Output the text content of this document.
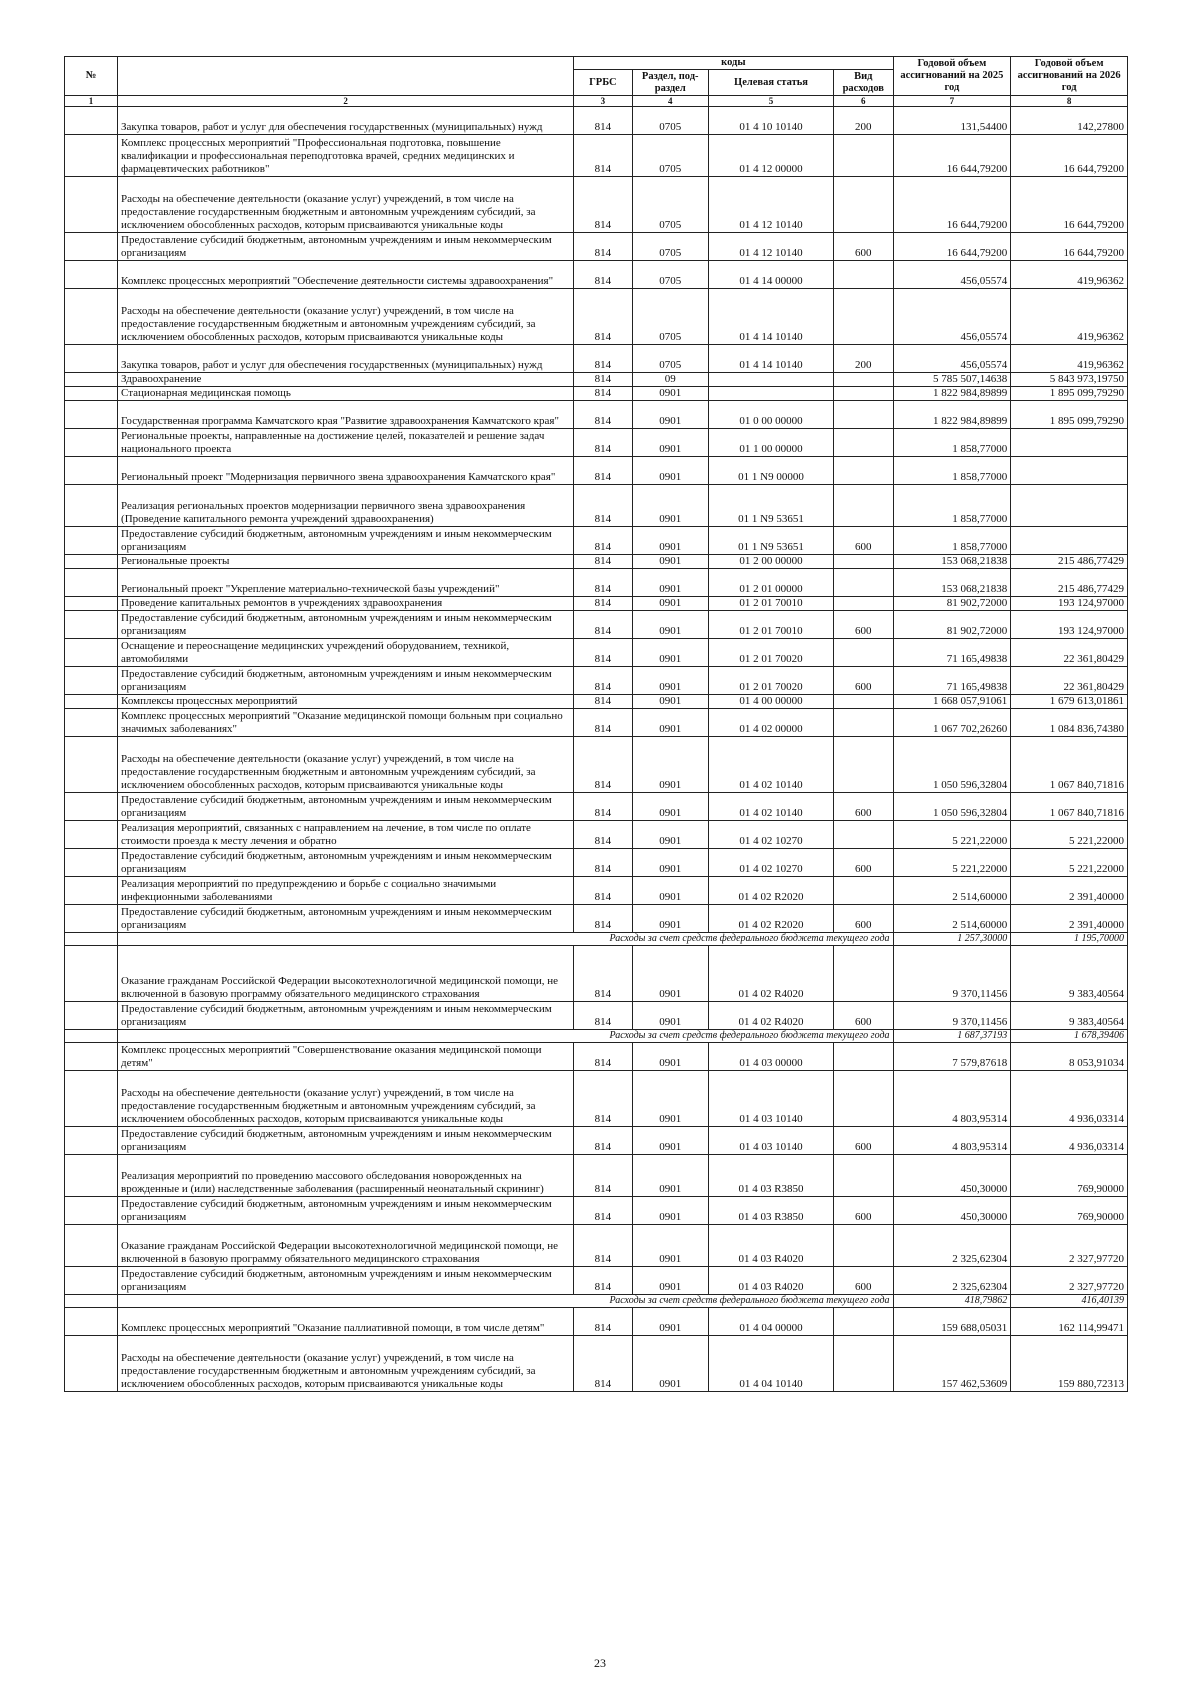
№		коды				Годовой объем ассигнований на 2025 год	Годовой объем ассигнований на 2026 год
		ГРБС	Раздел, под-раздел	Целевая статья	Вид расходов		
1	2	3	4	5	6	7	8
	Закупка товаров, работ и услуг для обеспечения государственных (муниципальных) нужд	814	0705	01 4 10 10140	200	131,54400	142,27800
	Комплекс процессных мероприятий "Профессиональная подготовка, повышение квалификации и профессиональная переподготовка врачей, средних медицинских и фармацевтических работников"	814	0705	01 4 12 00000		16 644,79200	16 644,79200
	Расходы на обеспечение деятельности (оказание услуг) учреждений, в том числе на предоставление государственным бюджетным и автономным учреждениям субсидий, за исключением обособленных расходов, которым присваиваются уникальные коды	814	0705	01 4 12 10140		16 644,79200	16 644,79200
	Предоставление субсидий бюджетным, автономным учреждениям и иным некоммерческим организациям	814	0705	01 4 12 10140	600	16 644,79200	16 644,79200
	Комплекс процессных мероприятий "Обеспечение деятельности системы здравоохранения"	814	0705	01 4 14 00000		456,05574	419,96362
	Расходы на обеспечение деятельности (оказание услуг) учреждений, в том числе на предоставление государственным бюджетным и автономным учреждениям субсидий, за исключением обособленных расходов, которым присваиваются уникальные коды	814	0705	01 4 14 10140		456,05574	419,96362
	Закупка товаров, работ и услуг для обеспечения государственных (муниципальных) нужд	814	0705	01 4 14 10140	200	456,05574	419,96362
	Здравоохранение	814	09			5 785 507,14638	5 843 973,19750
	Стационарная медицинская помощь	814	0901			1 822 984,89899	1 895 099,79290
	Государственная программа Камчатского края "Развитие здравоохранения Камчатского края"	814	0901	01 0 00 00000		1 822 984,89899	1 895 099,79290
	Региональные проекты, направленные на достижение целей, показателей и решение задач национального проекта	814	0901	01 1 00 00000		1 858,77000	
	Региональный проект "Модернизация первичного звена здравоохранения Камчатского края"	814	0901	01 1 N9 00000		1 858,77000	
	Реализация региональных проектов модернизации первичного звена здравоохранения (Проведение капитального ремонта учреждений здравоохранения)	814	0901	01 1 N9 53651		1 858,77000	
	Предоставление субсидий бюджетным, автономным учреждениям и иным некоммерческим организациям	814	0901	01 1 N9 53651	600	1 858,77000	
	Региональные проекты	814	0901	01 2 00 00000		153 068,21838	215 486,77429
	Региональный проект "Укрепление материально-технической базы учреждений"	814	0901	01 2 01 00000		153 068,21838	215 486,77429
	Проведение капитальных ремонтов в учреждениях здравоохранения	814	0901	01 2 01 70010		81 902,72000	193 124,97000
	Предоставление субсидий бюджетным, автономным учреждениям и иным некоммерческим организациям	814	0901	01 2 01 70010	600	81 902,72000	193 124,97000
	Оснащение и переоснащение медицинских учреждений оборудованием, техникой, автомобилями	814	0901	01 2 01 70020		71 165,49838	22 361,80429
	Предоставление субсидий бюджетным, автономным учреждениям и иным некоммерческим организациям	814	0901	01 2 01 70020	600	71 165,49838	22 361,80429
	Комплексы процессных мероприятий	814	0901	01 4 00 00000		1 668 057,91061	1 679 613,01861
	Комплекс процессных мероприятий "Оказание медицинской помощи больным при социально значимых заболеваниях"	814	0901	01 4 02 00000		1 067 702,26260	1 084 836,74380
	Расходы на обеспечение деятельности (оказание услуг) учреждений, в том числе на предоставление государственным бюджетным и автономным учреждениям субсидий, за исключением обособленных расходов, которым присваиваются уникальные коды	814	0901	01 4 02 10140		1 050 596,32804	1 067 840,71816
	Предоставление субсидий бюджетным, автономным учреждениям и иным некоммерческим организациям	814	0901	01 4 02 10140	600	1 050 596,32804	1 067 840,71816
	Реализация мероприятий, связанных с направлением на лечение, в том числе по оплате стоимости проезда к месту лечения и обратно	814	0901	01 4 02 10270		5 221,22000	5 221,22000
	Предоставление субсидий бюджетным, автономным учреждениям и иным некоммерческим организациям	814	0901	01 4 02 10270	600	5 221,22000	5 221,22000
	Реализация мероприятий по предупреждению и борьбе с социально значимыми инфекционными заболеваниями	814	0901	01 4 02 R2020		2 514,60000	2 391,40000
	Предоставление субсидий бюджетным, автономным учреждениям и иным некоммерческим организациям	814	0901	01 4 02 R2020	600	2 514,60000	2 391,40000
	Расходы за счет средств федерального бюджета текущего года					1 257,30000	1 195,70000
	Оказание гражданам Российской Федерации высокотехнологичной медицинской помощи, не включенной в базовую программу обязательного медицинского страхования	814	0901	01 4 02 R4020		9 370,11456	9 383,40564
	Предоставление субсидий бюджетным, автономным учреждениям и иным некоммерческим организациям	814	0901	01 4 02 R4020	600	9 370,11456	9 383,40564
	Расходы за счет средств федерального бюджета текущего года					1 687,37193	1 678,39406
	Комплекс процессных мероприятий "Совершенствование оказания медицинской помощи детям"	814	0901	01 4 03 00000		7 579,87618	8 053,91034
	Расходы на обеспечение деятельности (оказание услуг) учреждений, в том числе на предоставление государственным бюджетным и автономным учреждениям субсидий, за исключением обособленных расходов, которым присваиваются уникальные коды	814	0901	01 4 03 10140		4 803,95314	4 936,03314
	Предоставление субсидий бюджетным, автономным учреждениям и иным некоммерческим организациям	814	0901	01 4 03 10140	600	4 803,95314	4 936,03314
	Реализация мероприятий по проведению массового обследования новорожденных на врожденные и (или) наследственные заболевания (расширенный неонатальный скрининг)	814	0901	01 4 03 R3850		450,30000	769,90000
	Предоставление субсидий бюджетным, автономным учреждениям и иным некоммерческим организациям	814	0901	01 4 03 R3850	600	450,30000	769,90000
	Оказание гражданам Российской Федерации высокотехнологичной медицинской помощи, не включенной в базовую программу обязательного медицинского страхования	814	0901	01 4 03 R4020		2 325,62304	2 327,97720
	Предоставление субсидий бюджетным, автономным учреждениям и иным некоммерческим организациям	814	0901	01 4 03 R4020	600	2 325,62304	2 327,97720
	Расходы за счет средств федерального бюджета текущего года					418,79862	416,40139
	Комплекс процессных мероприятий "Оказание паллиативной помощи, в том числе детям"	814	0901	01 4 04 00000		159 688,05031	162 114,99471
	Расходы на обеспечение деятельности (оказание услуг) учреждений, в том числе на предоставление государственным бюджетным и автономным учреждениям субсидий, за исключением обособленных расходов, которым присваиваются уникальные коды	814	0901	01 4 04 10140		157 462,53609	159 880,72313
23
